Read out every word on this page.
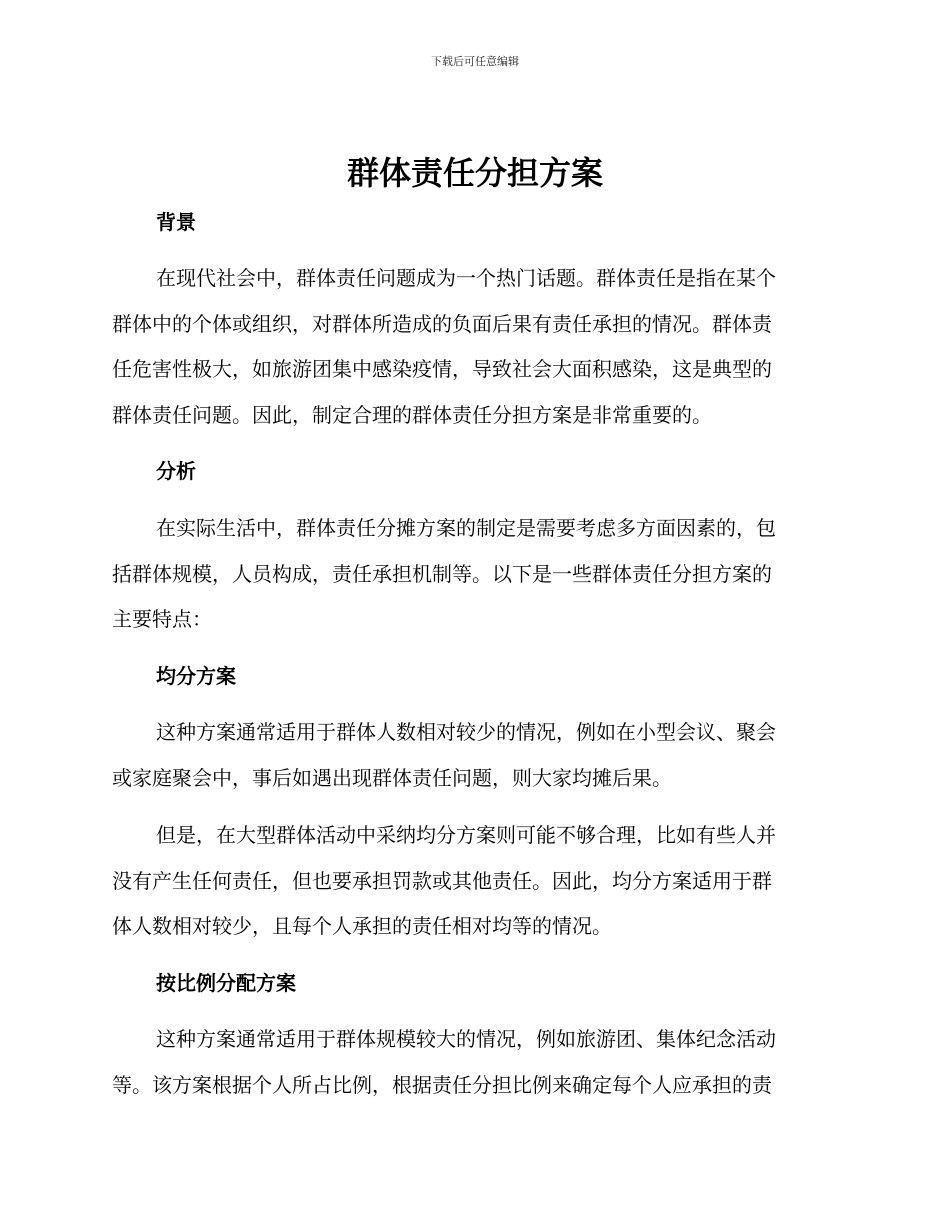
下载后可任意编辑
群体责任分担方案
背景
在现代社会中，群体责任问题成为一个热门话题。群体责任是指在某个
群体中的个体或组织，对群体所造成的负面后果有责任承担的情况。群体责
任危害性极大，如旅游团集中感染疫情，导致社会大面积感染，这是典型的
群体责任问题。因此，制定合理的群体责任分担方案是非常重要的。
分析
在实际生活中，群体责任分摊方案的制定是需要考虑多方面因素的，包
括群体规模，人员构成，责任承担机制等。以下是一些群体责任分担方案的
主要特点：
均分方案
这种方案通常适用于群体人数相对较少的情况，例如在小型会议、聚会
或家庭聚会中，事后如遇出现群体责任问题，则大家均摊后果。
但是，在大型群体活动中采纳均分方案则可能不够合理，比如有些人并
没有产生任何责任，但也要承担罚款或其他责任。因此，均分方案适用于群
体人数相对较少，且每个人承担的责任相对均等的情况。
按比例分配方案
这种方案通常适用于群体规模较大的情况，例如旅游团、集体纪念活动
等。该方案根据个人所占比例，根据责任分担比例来确定每个人应承担的责
